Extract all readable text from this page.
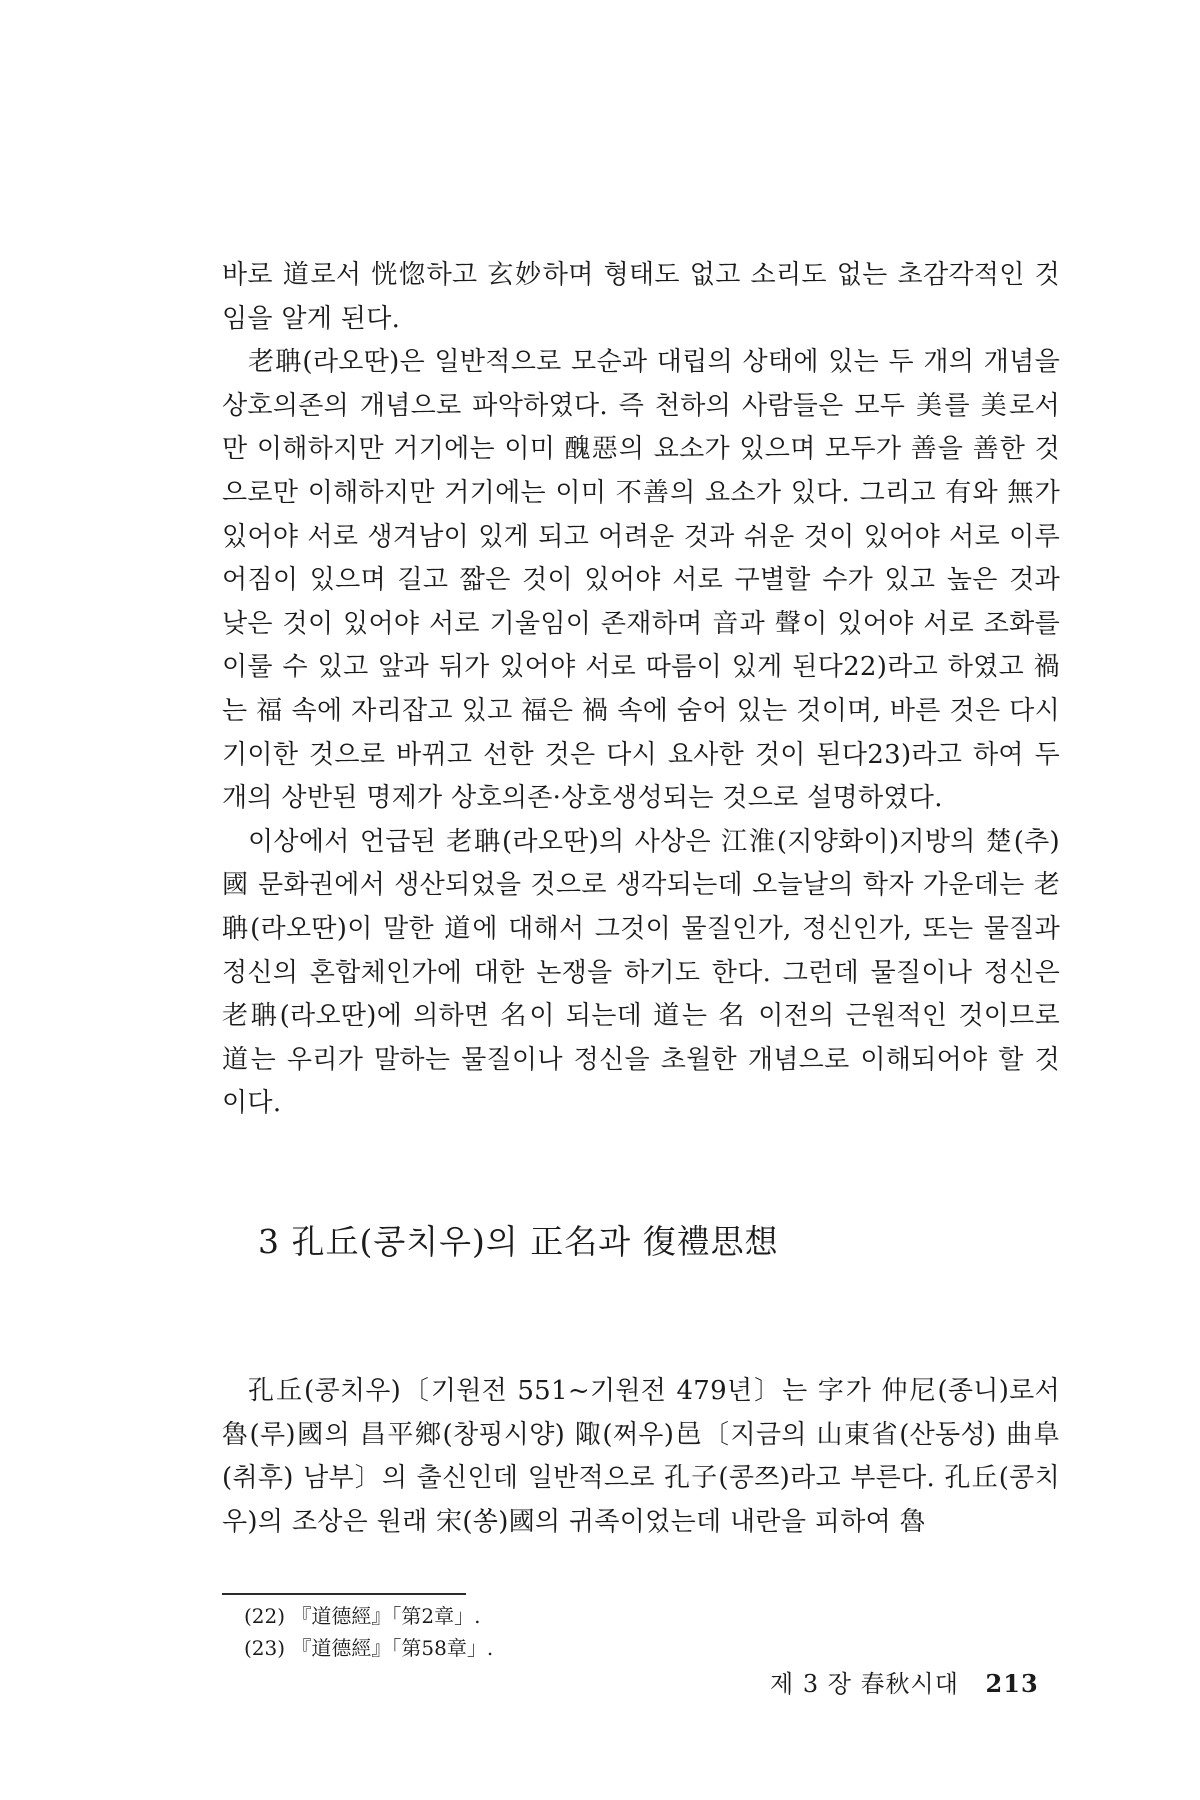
바로 道로서 恍惚하고 玄妙하며 형태도 없고 소리도 없는 초감각적인 것임을 알게 된다.

老聃(라오딴)은 일반적으로 모순과 대립의 상태에 있는 두 개의 개념을 상호의존의 개념으로 파악하였다. 즉 천하의 사람들은 모두 美를 美로서만 이해하지만 거기에는 이미 醜惡의 요소가 있으며 모두가 善을 善한 것으로만 이해하지만 거기에는 이미 不善의 요소가 있다. 그리고 有와 無가 있어야 서로 생겨남이 있게 되고 어려운 것과 쉬운 것이 있어야 서로 이루어짐이 있으며 길고 짧은 것이 있어야 서로 구별할 수가 있고 높은 것과 낮은 것이 있어야 서로 기울임이 존재하며 音과 聲이 있어야 서로 조화를 이룰 수 있고 앞과 뒤가 있어야 서로 따름이 있게 된다22)라고 하였고 禍는 福 속에 자리잡고 있고 福은 禍 속에 숨어 있는 것이며, 바른 것은 다시 기이한 것으로 바뀌고 선한 것은 다시 요사한 것이 된다23)라고 하여 두 개의 상반된 명제가 상호의존·상호생성되는 것으로 설명하였다.

이상에서 언급된 老聃(라오딴)의 사상은 江淮(지양화이)지방의 楚(추)國 문화권에서 생산되었을 것으로 생각되는데 오늘날의 학자 가운데는 老聃(라오딴)이 말한 道에 대해서 그것이 물질인가, 정신인가, 또는 물질과 정신의 혼합체인가에 대한 논쟁을 하기도 한다. 그런데 물질이나 정신은 老聃(라오딴)에 의하면 名이 되는데 道는 名 이전의 근원적인 것이므로 道는 우리가 말하는 물질이나 정신을 초월한 개념으로 이해되어야 할 것이다.

3 孔丘(콩치우)의 正名과 復禮思想

孔丘(콩치우)〔기원전 551~기원전 479년〕는 字가 仲尼(종니)로서 魯(루)國의 昌平鄉(창핑시양) 陬(쩌우)邑〔지금의 山東省(산동성) 曲阜(취후) 남부〕의 출신인데 일반적으로 孔子(콩쯔)라고 부른다. 孔丘(콩치우)의 조상은 원래 宋(쏭)國의 귀족이었는데 내란을 피하여 魯

(22) 『道德經』「第2章」.
(23) 『道德經』「第58章」.
제 3 장 春秋시대 213
